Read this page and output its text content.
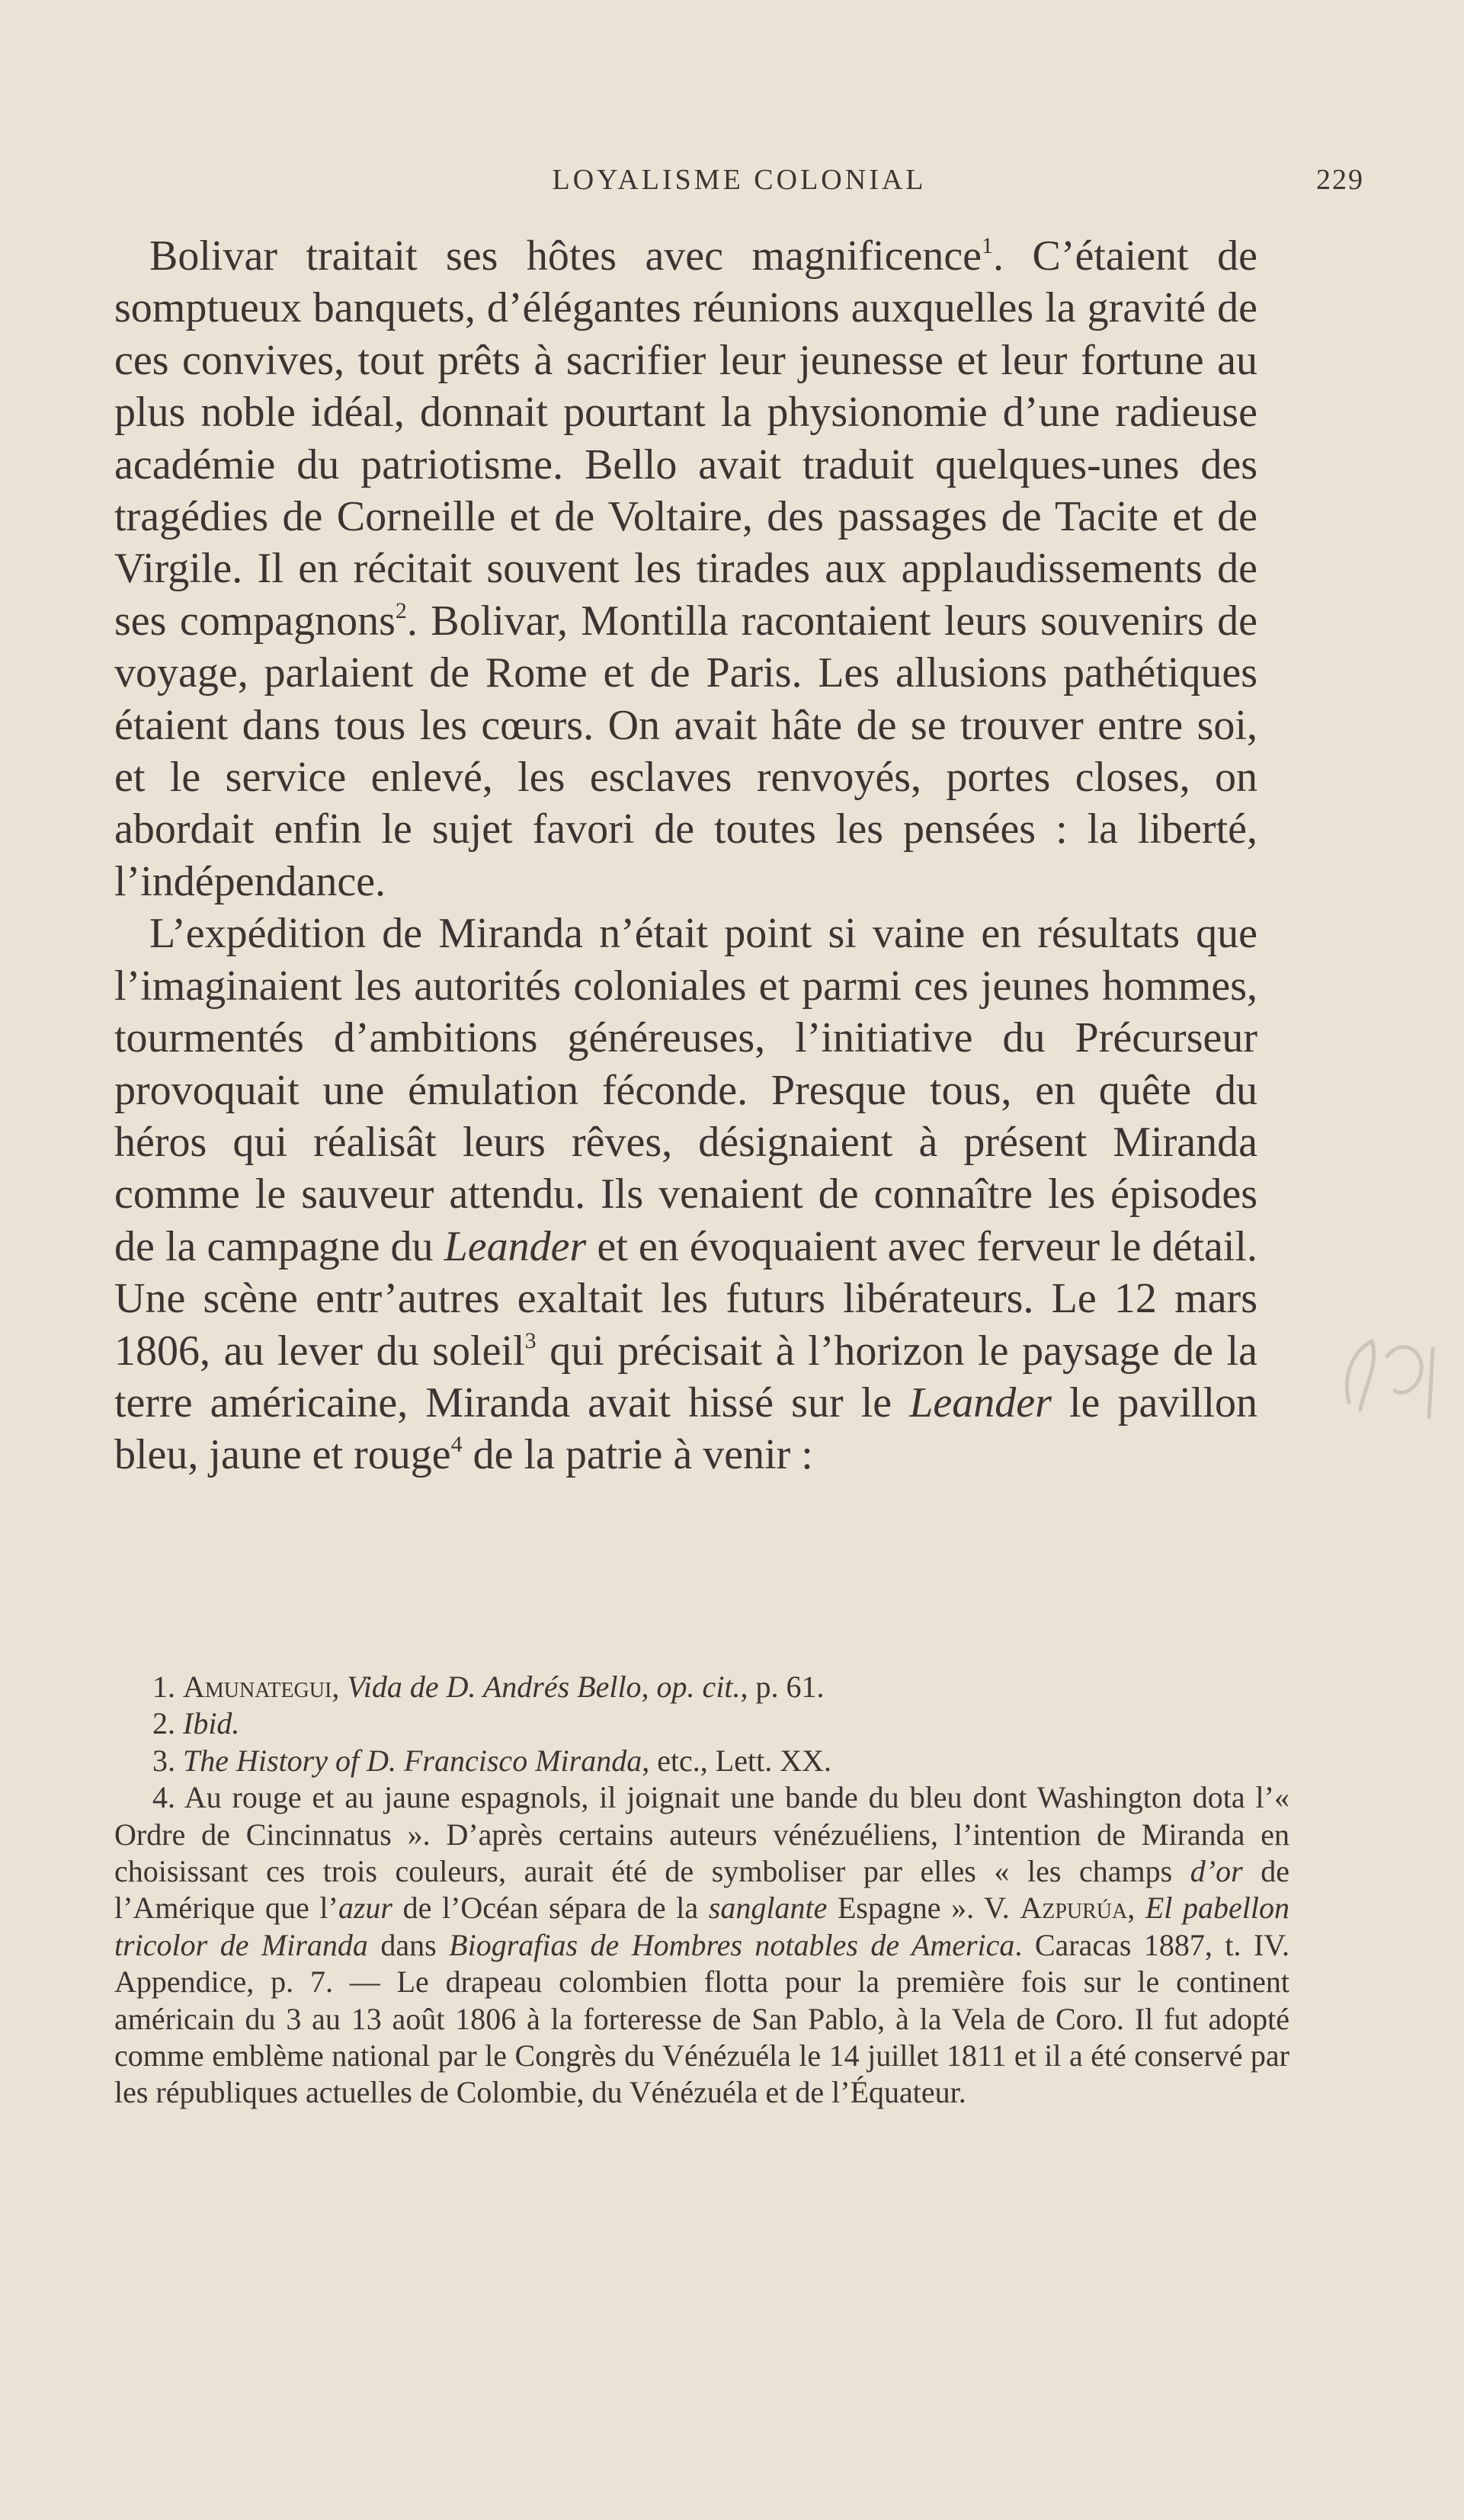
LOYALISME COLONIAL	229

Bolivar traitait ses hôtes avec magnificence$^1$. C’étaient de somptueux banquets, d’élégantes réunions auxquelles la gravité de ces convives, tout prêts à sacrifier leur jeunesse et leur fortune au plus noble idéal, donnait pourtant la physionomie d’une radieuse académie du patriotisme. Bello avait traduit quelques-unes des tragédies de Corneille et de Voltaire, des passages de Tacite et de Virgile. Il en récitait souvent les tirades aux applaudissements de ses compagnons$^2$. Bolivar, Montilla racontaient leurs souvenirs de voyage, parlaient de Rome et de Paris. Les allusions pathétiques étaient dans tous les cœurs. On avait hâte de se trouver entre soi, et le service enlevé, les esclaves renvoyés, portes closes, on abordait enfin le sujet favori de toutes les pensées : la liberté, l’indépendance.

L’expédition de Miranda n’était point si vaine en résultats que l’imaginaient les autorités coloniales et parmi ces jeunes hommes, tourmentés d’ambitions généreuses, l’initiative du Précurseur provoquait une émulation féconde. Presque tous, en quête du héros qui réalisât leurs rêves, désignaient à présent Miranda comme le sauveur attendu. Ils venaient de connaître les épisodes de la campagne du Leander et en évoquaient avec ferveur le détail. Une scène entr’autres exaltait les futurs libérateurs. Le 12 mars 1806, au lever du soleil$^3$ qui précisait à l’horizon le paysage de la terre américaine, Miranda avait hissé sur le Leander le pavillon bleu, jaune et rouge$^4$ de la patrie à venir :

1. Amunategui, Vida de D. Andrés Bello, op. cit., p. 61.

2. Ibid.

3. The History of D. Francisco Miranda, etc., Lett. XX.

4. Au rouge et au jaune espagnols, il joignait une bande du bleu dont Washington dota l’« Ordre de Cincinnatus ». D’après certains auteurs vénézuéliens, l’intention de Miranda en choisissant ces trois couleurs, aurait été de symboliser par elles « les champs d’or de l’Amérique que l’azur de l’Océan sépara de la sanglante Espagne ». V. Azpurúa, El pabellon tricolor de Miranda dans Biografias de Hombres notables de America. Caracas 1887, t. IV. Appendice, p. 7. — Le drapeau colombien flotta pour la première fois sur le continent américain du 3 au 13 août 1806 à la forteresse de San Pablo, à la Vela de Coro. Il fut adopté comme emblème national par le Congrès du Vénézuéla le 14 juillet 1811 et il a été conservé par les républiques actuelles de Colombie, du Vénézuéla et de l’Équateur.
